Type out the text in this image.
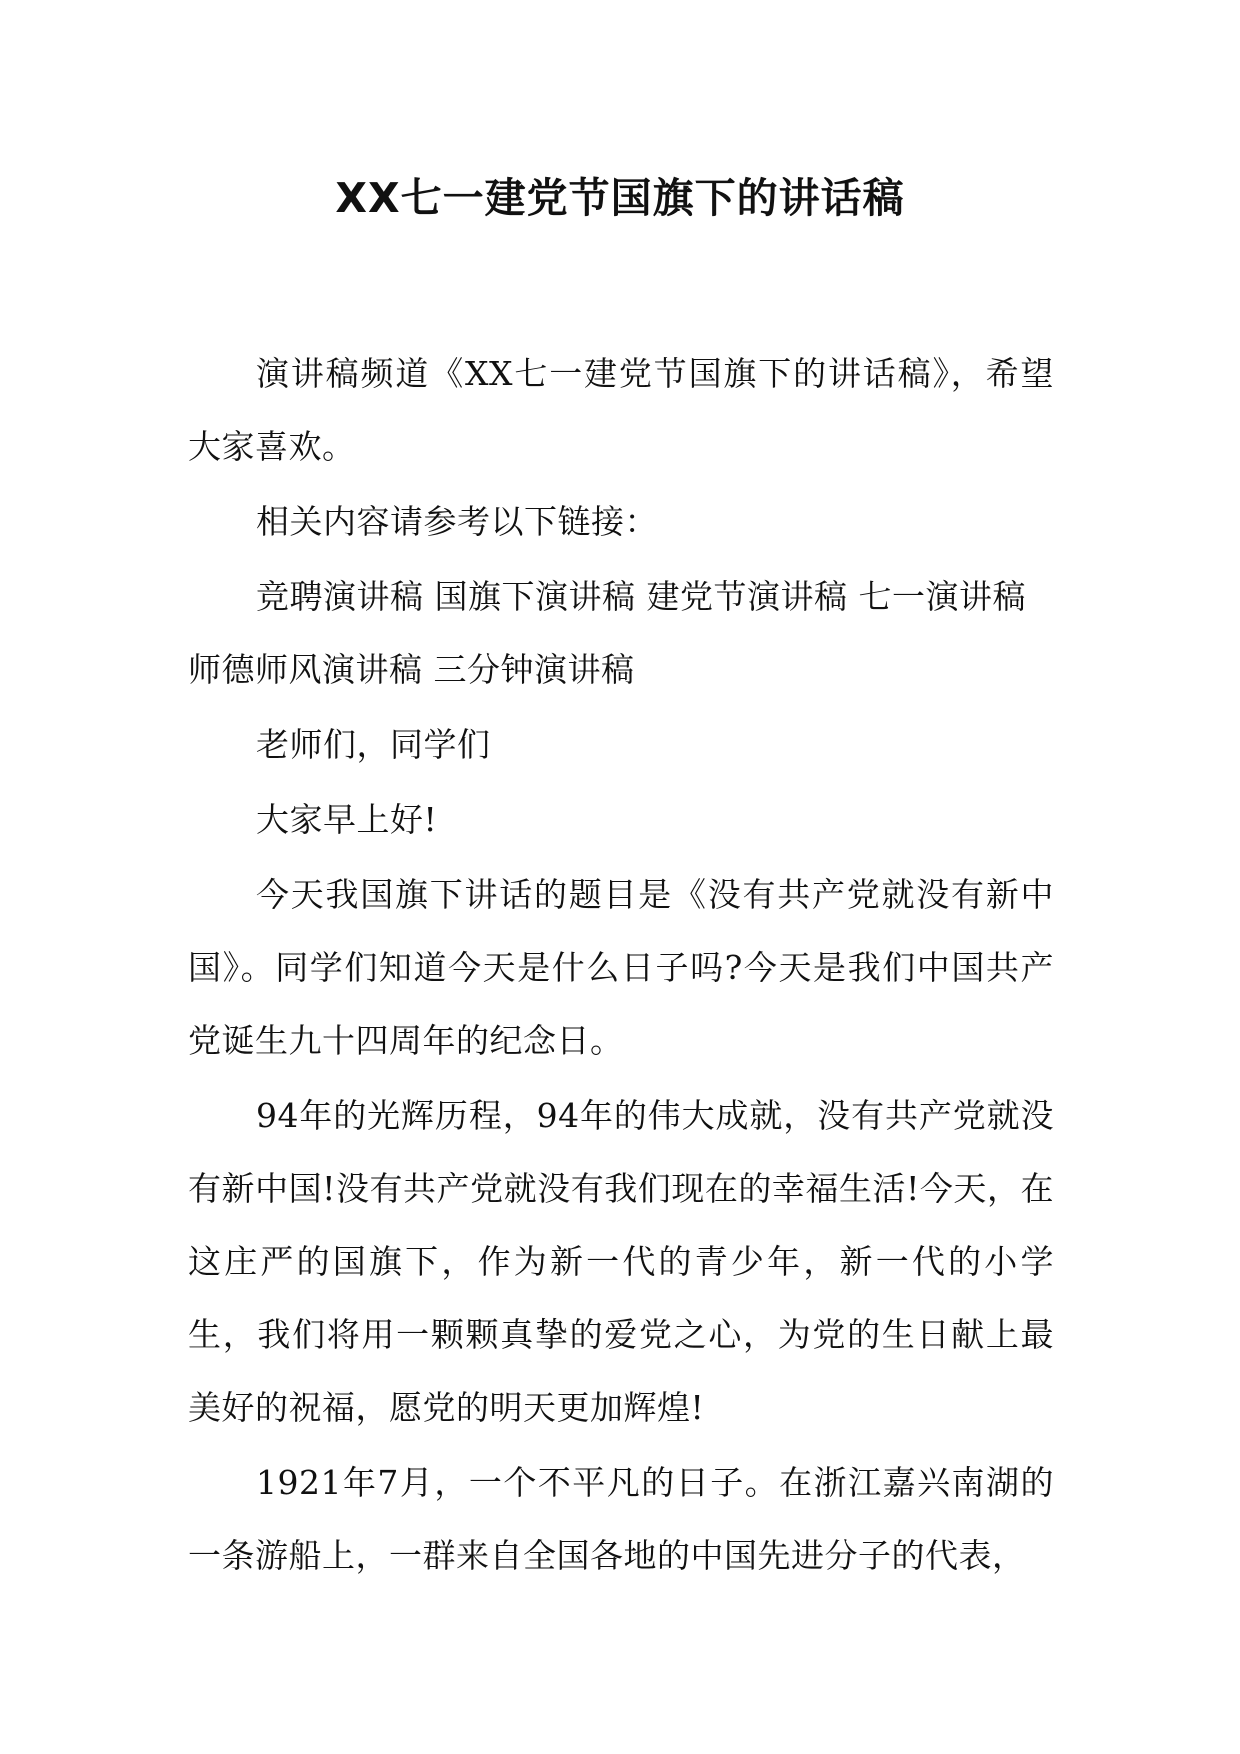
XX七一建党节国旗下的讲话稿

演讲稿频道《XX七一建党节国旗下的讲话稿》，希望大家喜欢。

相关内容请参考以下链接：

竞聘演讲稿 国旗下演讲稿 建党节演讲稿 七一演讲稿 师德师风演讲稿 三分钟演讲稿

老师们，同学们

大家早上好!

今天我国旗下讲话的题目是《没有共产党就没有新中国》。同学们知道今天是什么日子吗?今天是我们中国共产党诞生九十四周年的纪念日。

94年的光辉历程，94年的伟大成就，没有共产党就没有新中国!没有共产党就没有我们现在的幸福生活!今天，在这庄严的国旗下，作为新一代的青少年，新一代的小学生，我们将用一颗颗真挚的爱党之心，为党的生日献上最美好的祝福，愿党的明天更加辉煌!

1921年7月，一个不平凡的日子。在浙江嘉兴南湖的一条游船上，一群来自全国各地的中国先进分子的代表，
